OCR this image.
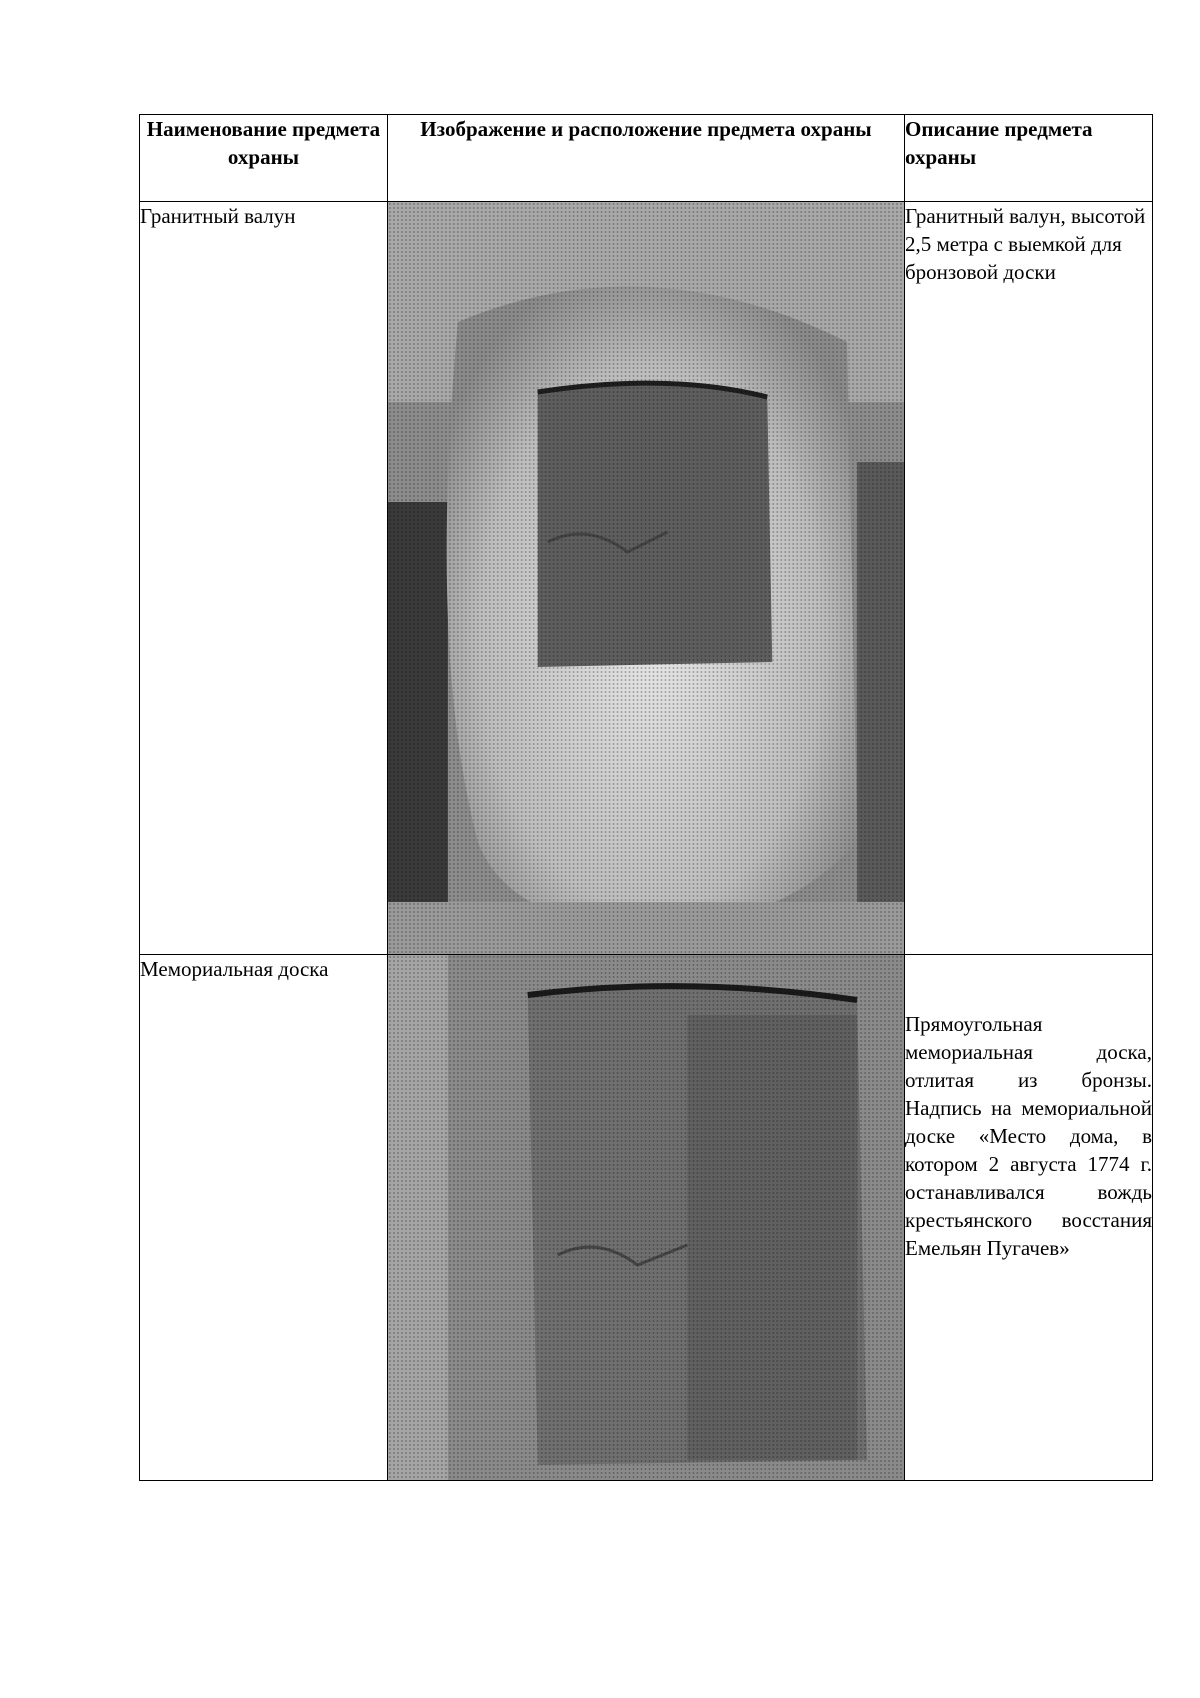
Наименование предмета охраны	Изображение и расположение предмета охраны	Описание предмета охраны
Гранитный валун		Гранитный валун, высотой 2,5 метра с выемкой для бронзовой доски
Мемориальная доска		Прямоугольная мемориальная доска, отлитая из бронзы. Надпись на мемориальной доске «Место дома, в котором 2 августа 1774 г. останавливался вождь крестьянского восстания Емельян Пугачев»
